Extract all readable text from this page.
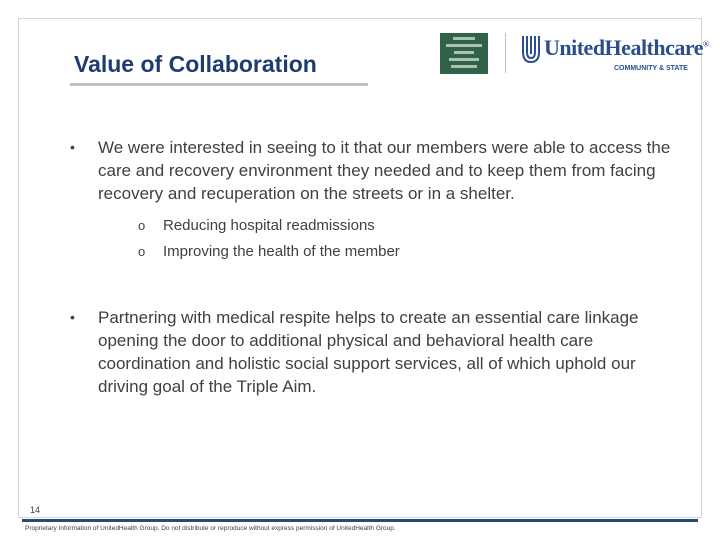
Value of Collaboration
UnitedHealthcare®
COMMUNITY & STATE
• We were interested in seeing to it that our members were able to access the care and recovery environment they needed and to keep them from facing recovery and recuperation on the streets or in a shelter.
o Reducing hospital readmissions
o Improving the health of the member
• Partnering with medical respite helps to create an essential care linkage opening the door to additional physical and behavioral health care coordination and holistic social support services, all of which uphold our driving goal of the Triple Aim.
14
Proprietary Information of UnitedHealth Group. Do not distribute or reproduce without express permission of UnitedHealth Group.
